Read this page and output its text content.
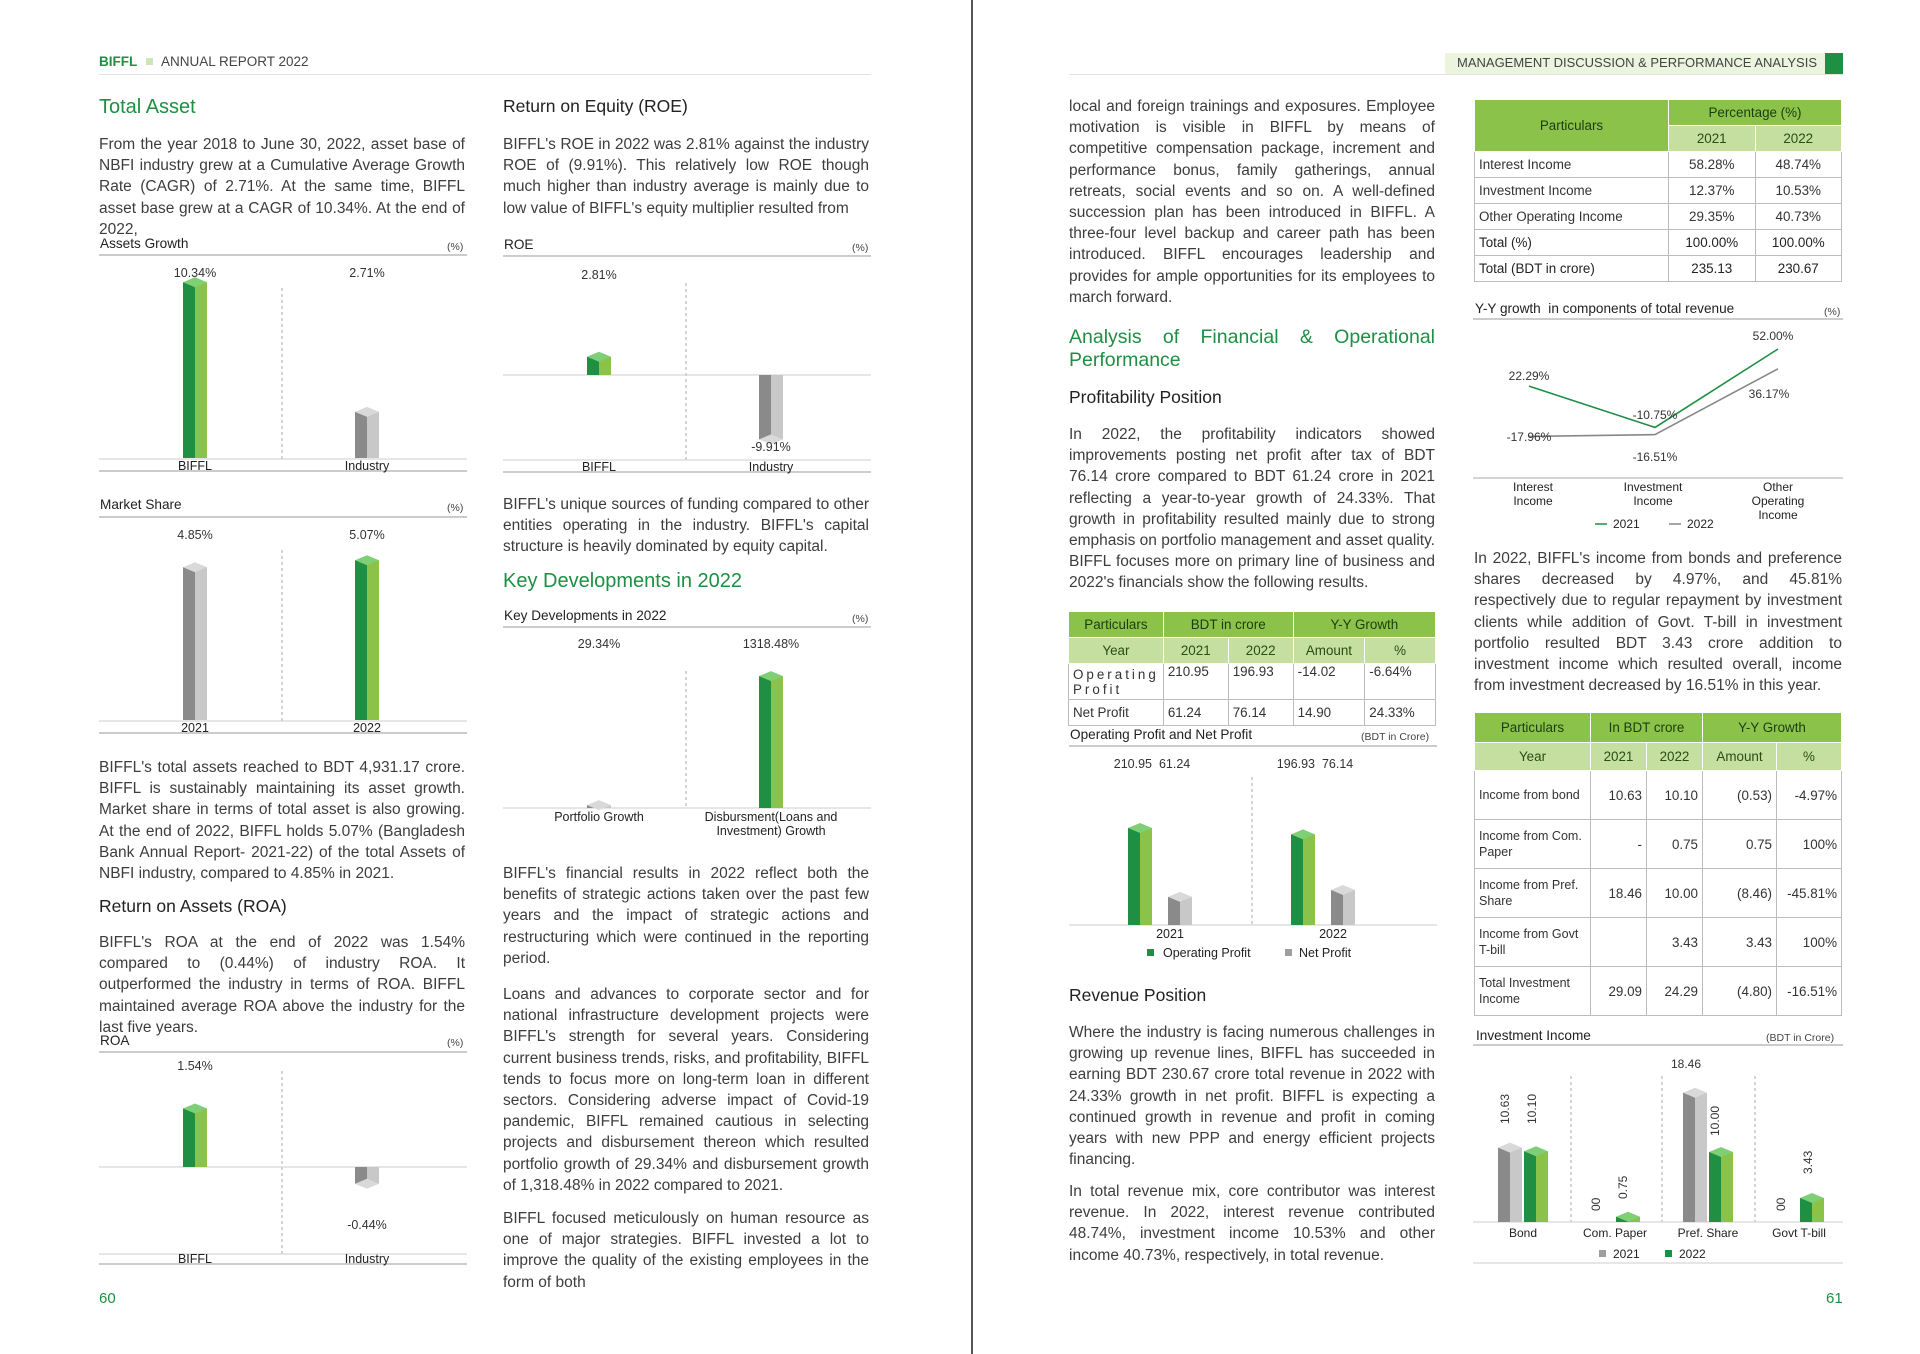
BIFFL ANNUAL REPORT 2022
Total Asset

From the year 2018 to June 30, 2022, asset base of NBFI industry grew at a Cumulative Average Growth Rate (CAGR) of 2.71%. At the same time, BIFFL asset base grew at a CAGR of 10.34%. At the end of 2022,

Assets Growth	(%)
10.34%	2.71%
BIFFL	Industry
Market Share	(%)
4.85%	5.07%
2021	2022

BIFFL's total assets reached to BDT 4,931.17 crore. BIFFL is sustainably maintaining its asset growth. Market share in terms of total asset is also growing. At the end of 2022, BIFFL holds 5.07% (Bangladesh Bank Annual Report- 2021-22) of the total Assets of NBFI industry, compared to 4.85% in 2021.

Return on Assets (ROA)

BIFFL's ROA at the end of 2022 was 1.54% compared to (0.44%) of industry ROA. It outperformed the industry in terms of ROA. BIFFL maintained average ROA above the industry for the last five years.

ROA	(%)
1.54%
-0.44%
BIFFL	Industry
Return on Equity (ROE)

BIFFL's ROE in 2022 was 2.81% against the industry ROE of (9.91%). This relatively low ROE though much higher than industry average is mainly due to low value of BIFFL's equity multiplier resulted from

ROE	(%)
2.81%
-9.91%
BIFFL	Industry

BIFFL's unique sources of funding compared to other entities operating in the industry. BIFFL's capital structure is heavily dominated by equity capital.

Key Developments in 2022
Key Developments in 2022	(%)
29.34%	1318.48%
Portfolio Growth	Disbursment(Loans and Investment) Growth

BIFFL's financial results in 2022 reflect both the benefits of strategic actions taken over the past few years and the impact of strategic actions and restructuring which were continued in the reporting period.

Loans and advances to corporate sector and for national infrastructure development projects were BIFFL's strength for several years. Considering current business trends, risks, and profitability, BIFFL tends to focus more on long-term loan in different sectors. Considering adverse impact of Covid-19 pandemic, BIFFL remained cautious in selecting projects and disbursement thereon which resulted portfolio growth of 29.34% and disbursement growth of 1,318.48% in 2022 compared to 2021.

BIFFL focused meticulously on human resource as one of major strategies. BIFFL invested a lot to improve the quality of the existing employees in the form of both

60
MANAGEMENT DISCUSSION & PERFORMANCE ANALYSIS

local and foreign trainings and exposures. Employee motivation is visible in BIFFL by means of competitive compensation package, increment and performance bonus, family gatherings, annual retreats, social events and so on. A well-defined succession plan has been introduced in BIFFL. A three-four level backup and career path has been introduced. BIFFL encourages leadership and provides for ample opportunities for its employees to march forward.

Analysis of Financial & Operational
Performance
Profitability Position

In 2022, the profitability indicators showed improvements posting net profit after tax of BDT 76.14 crore compared to BDT 61.24 crore in 2021 reflecting a year-to-year growth of 24.33%. That growth in profitability resulted mainly due to strong emphasis on portfolio management and asset quality. BIFFL focuses more on primary line of business and 2022's financials show the following results.

Particulars	BDT in crore		Y-Y Growth	
Year	2021	2022	Amount	%
Operating Profit	210.95	196.93	-14.02	-6.64%
Net Profit	61.24	76.14	14.90	24.33%
Operating Profit and Net Profit	(BDT in Crore)
210.95  61.24	196.93  76.14
2021	2022
Operating Profit	Net Profit
Revenue Position

Where the industry is facing numerous challenges in growing up revenue lines, BIFFL has succeeded in earning BDT 230.67 crore total revenue in 2022 with 24.33% growth in net profit. BIFFL is expecting a continued growth in revenue and profit in coming years with new PPP and energy efficient projects financing.

In total revenue mix, core contributor was interest revenue. In 2022, interest revenue contributed 48.74%, investment income 10.53% and other income 40.73%, respectively, in total revenue.

Particulars	Percentage (%)	
	2021	2022
Interest Income	58.28%	48.74%
Investment Income	12.37%	10.53%
Other Operating Income	29.35%	40.73%
Total (%)	100.00%	100.00%
Total (BDT in crore)	235.13	230.67
Y-Y growth  in components of total revenue	(%)
22.29%
-10.75%
52.00%
-17.96%
-16.51%
36.17%
Interest Income
Investment Income
Other Operating Income
2021	2022

In 2022, BIFFL's income from bonds and preference shares decreased by 4.97%, and 45.81% respectively due to regular repayment by investment clients while addition of Govt. T-bill in investment portfolio resulted BDT 3.43 crore addition to investment income which resulted overall, income from investment decreased by 16.51% in this year.

Particulars	In BDT crore		Y-Y Growth	
Year	2021	2022	Amount	%
Income from bond	10.63	10.10	(0.53)	-4.97%
Income from Com. Paper	-	0.75	0.75	100%
Income from Pref. Share	18.46	10.00	(8.46)	-45.81%
Income from Govt T-bill		3.43	3.43	100%
Total Investment Income	29.09	24.29	(4.80)	-16.51%
Investment Income	(BDT in Crore)
10.63 10.10
00
0.75
18.46
10.00
00
3.43
Bond	Com. Paper	Pref. Share	Govt T-bill
2021	2022
61
